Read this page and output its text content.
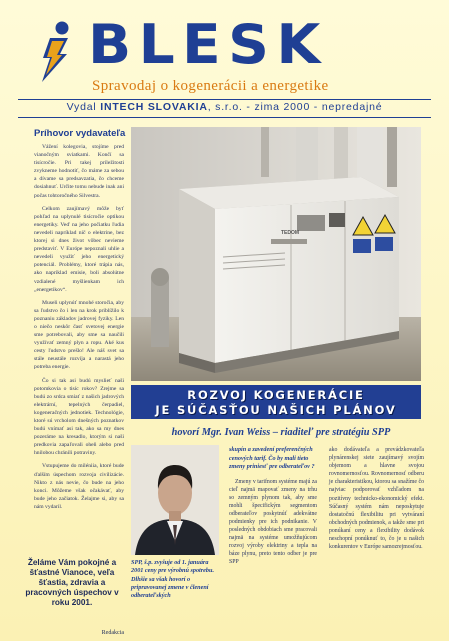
BLESK
Spravodaj o kogenerácii a energetike
Vydal INTECH SLOVAKIA, s.r.o. - zima 2000 - nepredajné
Príhovor vydavateľa

Vážení kolegovia, stojíme pred vianočným sviatkami. Končí sa tisícročie. Pri takej príležitosti zvykneme hodnotiť, čo máme za sebou a dívame sa predsavzatia, čo chceme dosiahnuť. Určite tomu nebude inak ani počas tohtoročného Silvestra.

Celkom zaujímavý môže byť pohľad na uplynulé tisícročie optikou energetiky. Veď na jeho počiatku ľudia nevedeli napríklad nič o elektrine, bez ktorej si dnes život vôbec nevieme predstaviť. V Európe nepoznali uhlie a nevedeli využiť jeho energetický potenciál. Problémy, ktoré trápia nás, ako napríklad emisie, boli absolútne vzdialené myšlienkam ich „energetikov“.

Museli uplynúť mnohé storočia, aby sa ľudstvo čo i len na krok priblížilo k poznaniu základov jadrovej fyziky. Len o niečo neskôr časť svetovej energie sme potrebovali, aby sme sa naučili využívať zemný plyn a ropu. Aké kus cesty ľudstvo prešlo! Ale náš svet sa stále neustále rozvíja a narastá jeho potreba energie.

Čo si tak asi budú myslieť naši potomkovia o tisíc rokov? Zrejme sa budú zo srdca smiať z našich jadrových elektrární, tepelných čerpadiel, kogeneračných jednotiek. Technológie, ktoré sú vrcholom dnešných poznatkov budú vnímať asi tak, ako sa my dnes pozeráme na kresadlo, ktorým si naši predkovia zapaľovali oheň alebo pred hnilobou chránili potraviny.

Vstupujeme do miléniia, ktoré bude ďalším úspechom rozvoja civilizácie. Nikto z nás nevie, čo bude na jeho konci. Môžeme však očakávať, aby bude jeho začiatok. Želajme si, aby sa nám vydaril.

Želáme Vám pokojné a šťastné Vianoce, veľa šťastia, zdravia a pracovných úspechov v roku 2001.
Redakcia
TEDOM
ROZVOJ KOGENERÁCIE
JE SÚČASŤOU NAŠICH PLÁNOV
hovorí Mgr. Ivan Weiss – riaditeľ pre stratégiu SPP
SPP, š.p. zvyšuje od 1. januára 2001 ceny pre výrobnú spotrebu. Dlhšie sa však hovorí o pripravovanej zmene v členení odberateľských
skupín a zavedení preferenčných cenových tarif. Čo by mali tieto zmeny priniesť pre odberateľov ?

Zmeny v tarifnom systéme majú za cieľ najmä mapovať zmeny na trhu so zemným plynom tak, aby sme mohli špecifickým segmentom odberateľov poskytnúť adekvátne podmienky pre ich podnikanie. V posledných obdobiach sme pracovali najmä na systéme umožňujúcom rozvoj výroby elektriny a tepla na báze plynu, preto tento odber je pre SPP

ako dodávateľa a prevádzkovateľa plynárenskej siete zaujímavý svojím objemom a hlavne svojou rovnomernosťou. Rovnomernosť odberu je charakteristikou, ktorou sa snažíme čo najviac podporovať vzhľadom na pozitívny technicko-ekonomický efekt. Súčasný systém nám neposkytuje dostatočnú flexibilitu pri vytváraní obchodných podmienok, a takže sme pri ponúkaní ceny a flexibility dodávok neschopní ponúknuť to, čo je u našich konkurentov v Európe samozrejmosťou.
